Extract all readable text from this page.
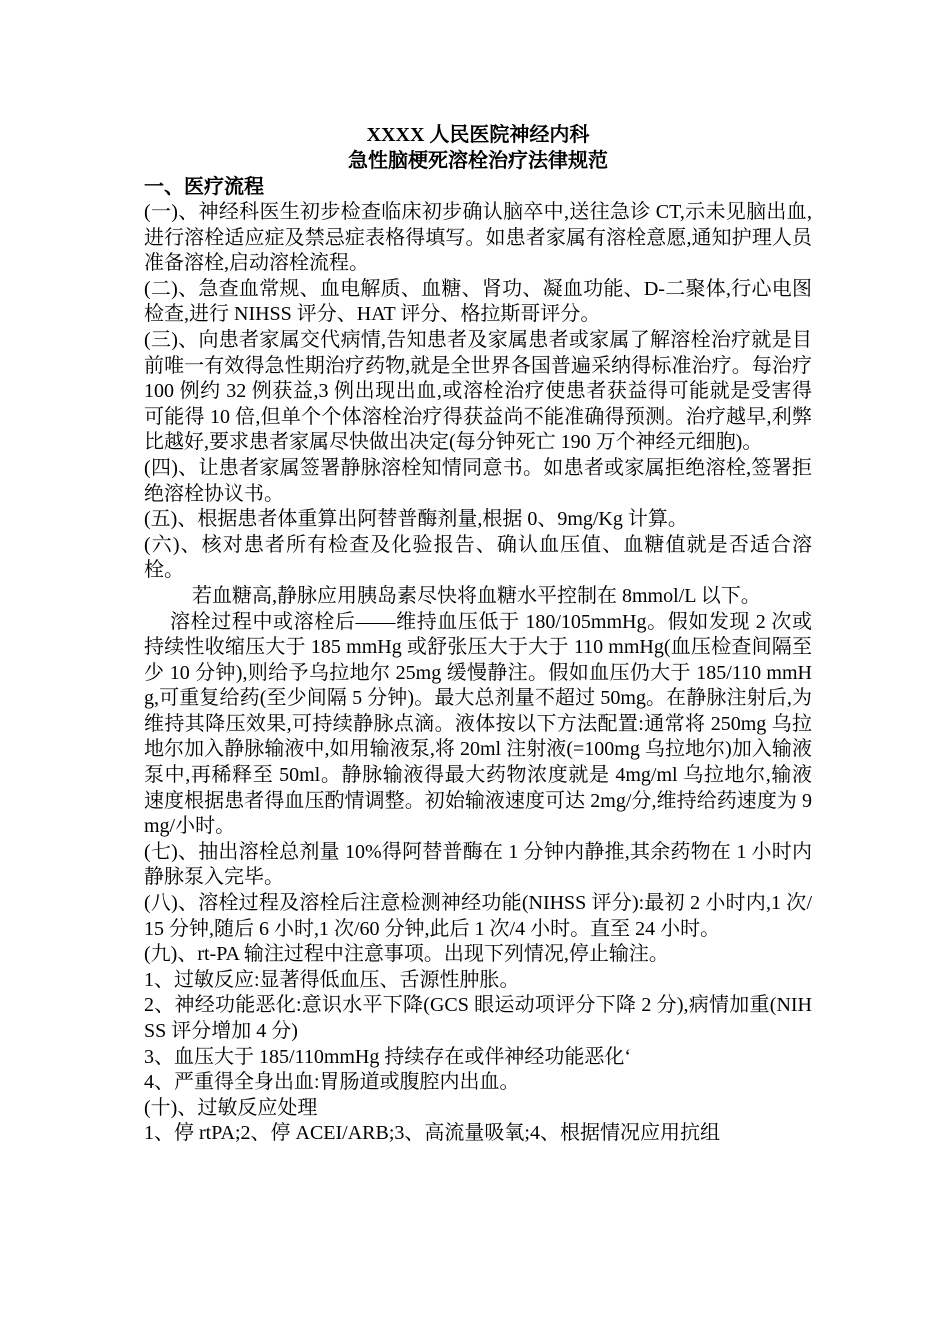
XXXX 人民医院神经内科

急性脑梗死溶栓治疗法律规范

一、医疗流程

(一)、神经科医生初步检查临床初步确认脑卒中,送往急诊 CT,示未见脑出血,进行溶栓适应症及禁忌症表格得填写。如患者家属有溶栓意愿,通知护理人员准备溶栓,启动溶栓流程。

(二)、急查血常规、血电解质、血糖、肾功、凝血功能、D-二聚体,行心电图检查,进行 NIHSS 评分、HAT 评分、格拉斯哥评分。

(三)、向患者家属交代病情,告知患者及家属患者或家属了解溶栓治疗就是目前唯一有效得急性期治疗药物,就是全世界各国普遍采纳得标准治疗。每治疗 100 例约 32 例获益,3 例出现出血,或溶栓治疗使患者获益得可能就是受害得可能得 10 倍,但单个个体溶栓治疗得获益尚不能准确得预测。治疗越早,利弊比越好,要求患者家属尽快做出决定(每分钟死亡 190 万个神经元细胞)。

(四)、让患者家属签署静脉溶栓知情同意书。如患者或家属拒绝溶栓,签署拒绝溶栓协议书。

(五)、根据患者体重算出阿替普酶剂量,根据 0、9mg/Kg 计算。

(六)、核对患者所有检查及化验报告、确认血压值、血糖值就是否适合溶栓。

若血糖高,静脉应用胰岛素尽快将血糖水平控制在 8mmol/L 以下。

溶栓过程中或溶栓后——维持血压低于 180/105mmHg。假如发现 2 次或持续性收缩压大于 185 mmHg 或舒张压大于大于 110 mmHg(血压检查间隔至少 10 分钟),则给予乌拉地尔 25mg 缓慢静注。假如血压仍大于 185/110 mmHg,可重复给药(至少间隔 5 分钟)。最大总剂量不超过 50mg。在静脉注射后,为维持其降压效果,可持续静脉点滴。液体按以下方法配置:通常将 250mg 乌拉地尔加入静脉输液中,如用输液泵,将 20ml 注射液(=100mg 乌拉地尔)加入输液泵中,再稀释至 50ml。静脉输液得最大药物浓度就是 4mg/ml 乌拉地尔,输液速度根据患者得血压酌情调整。初始输液速度可达 2mg/分,维持给药速度为 9mg/小时。

(七)、抽出溶栓总剂量 10%得阿替普酶在 1 分钟内静推,其余药物在 1 小时内静脉泵入完毕。

(八)、溶栓过程及溶栓后注意检测神经功能(NIHSS 评分):最初 2 小时内,1 次/15 分钟,随后 6 小时,1 次/60 分钟,此后 1 次/4 小时。直至 24 小时。

(九)、rt-PA 输注过程中注意事项。出现下列情况,停止输注。

1、过敏反应:显著得低血压、舌源性肿胀。

2、神经功能恶化:意识水平下降(GCS 眼运动项评分下降 2 分),病情加重(NIHSS 评分增加 4 分)

3、血压大于 185/110mmHg 持续存在或伴神经功能恶化‘

4、严重得全身出血:胃肠道或腹腔内出血。

(十)、过敏反应处理

1、停 rtPA;2、停 ACEI/ARB;3、高流量吸氧;4、根据情况应用抗组
